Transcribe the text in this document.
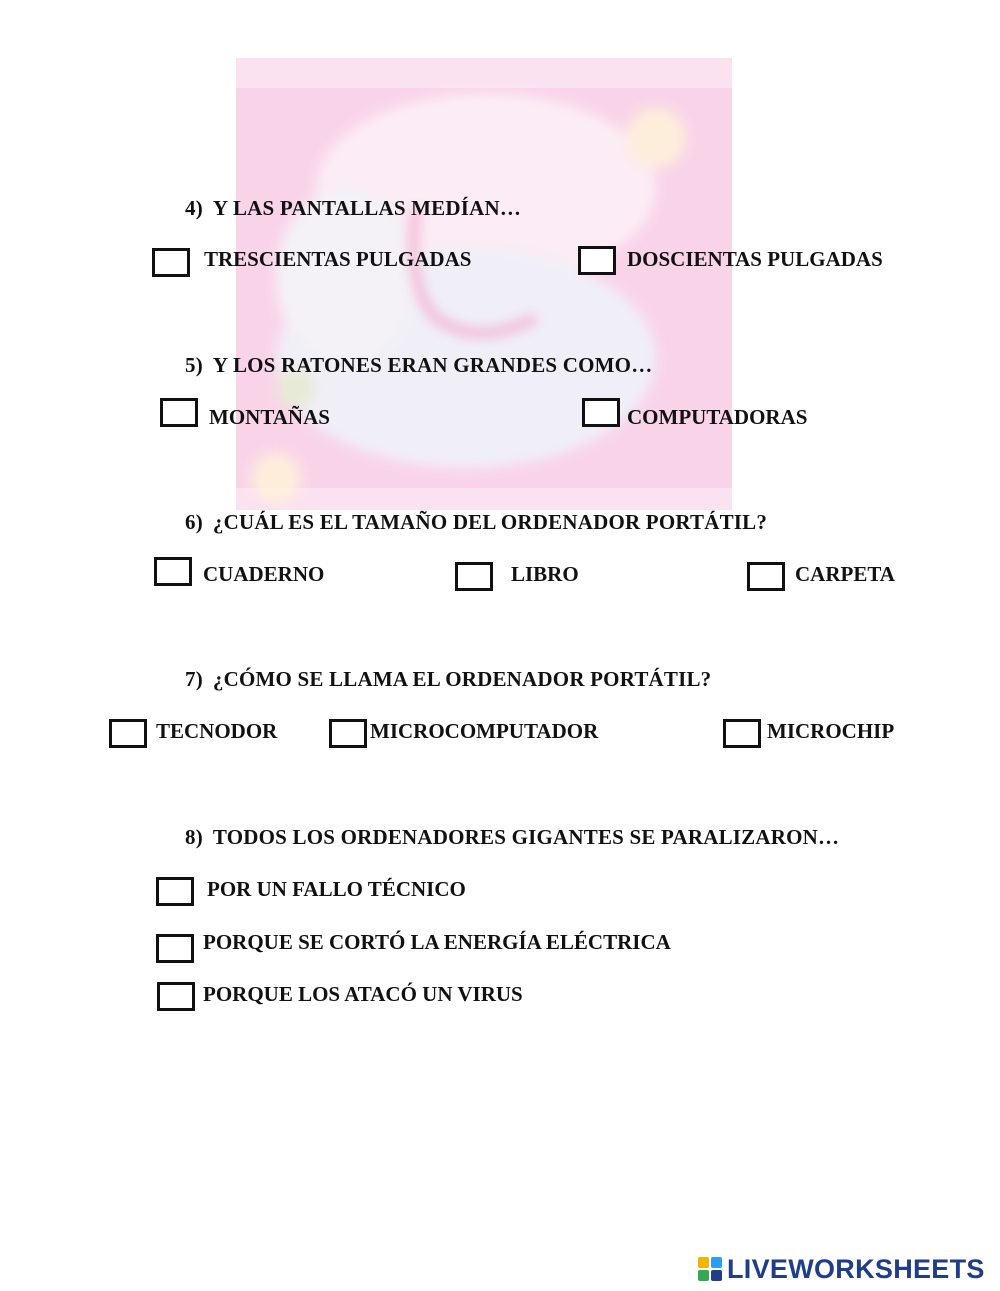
4) Y LAS PANTALLAS MEDÍAN…
TRESCIENTAS PULGADAS	DOSCIENTAS PULGADAS
5) Y LOS RATONES ERAN GRANDES COMO…
MONTAÑAS	COMPUTADORAS
6) ¿CUÁL ES EL TAMAÑO DEL ORDENADOR PORTÁTIL?
CUADERNO	LIBRO	CARPETA
7) ¿CÓMO SE LLAMA EL ORDENADOR PORTÁTIL?
TECNODOR	MICROCOMPUTADOR	MICROCHIP
8) TODOS LOS ORDENADORES GIGANTES SE PARALIZARON…
POR UN FALLO TÉCNICO
PORQUE SE CORTÓ LA ENERGÍA ELÉCTRICA
PORQUE LOS ATACÓ UN VIRUS
LIVEWORKSHEETS
